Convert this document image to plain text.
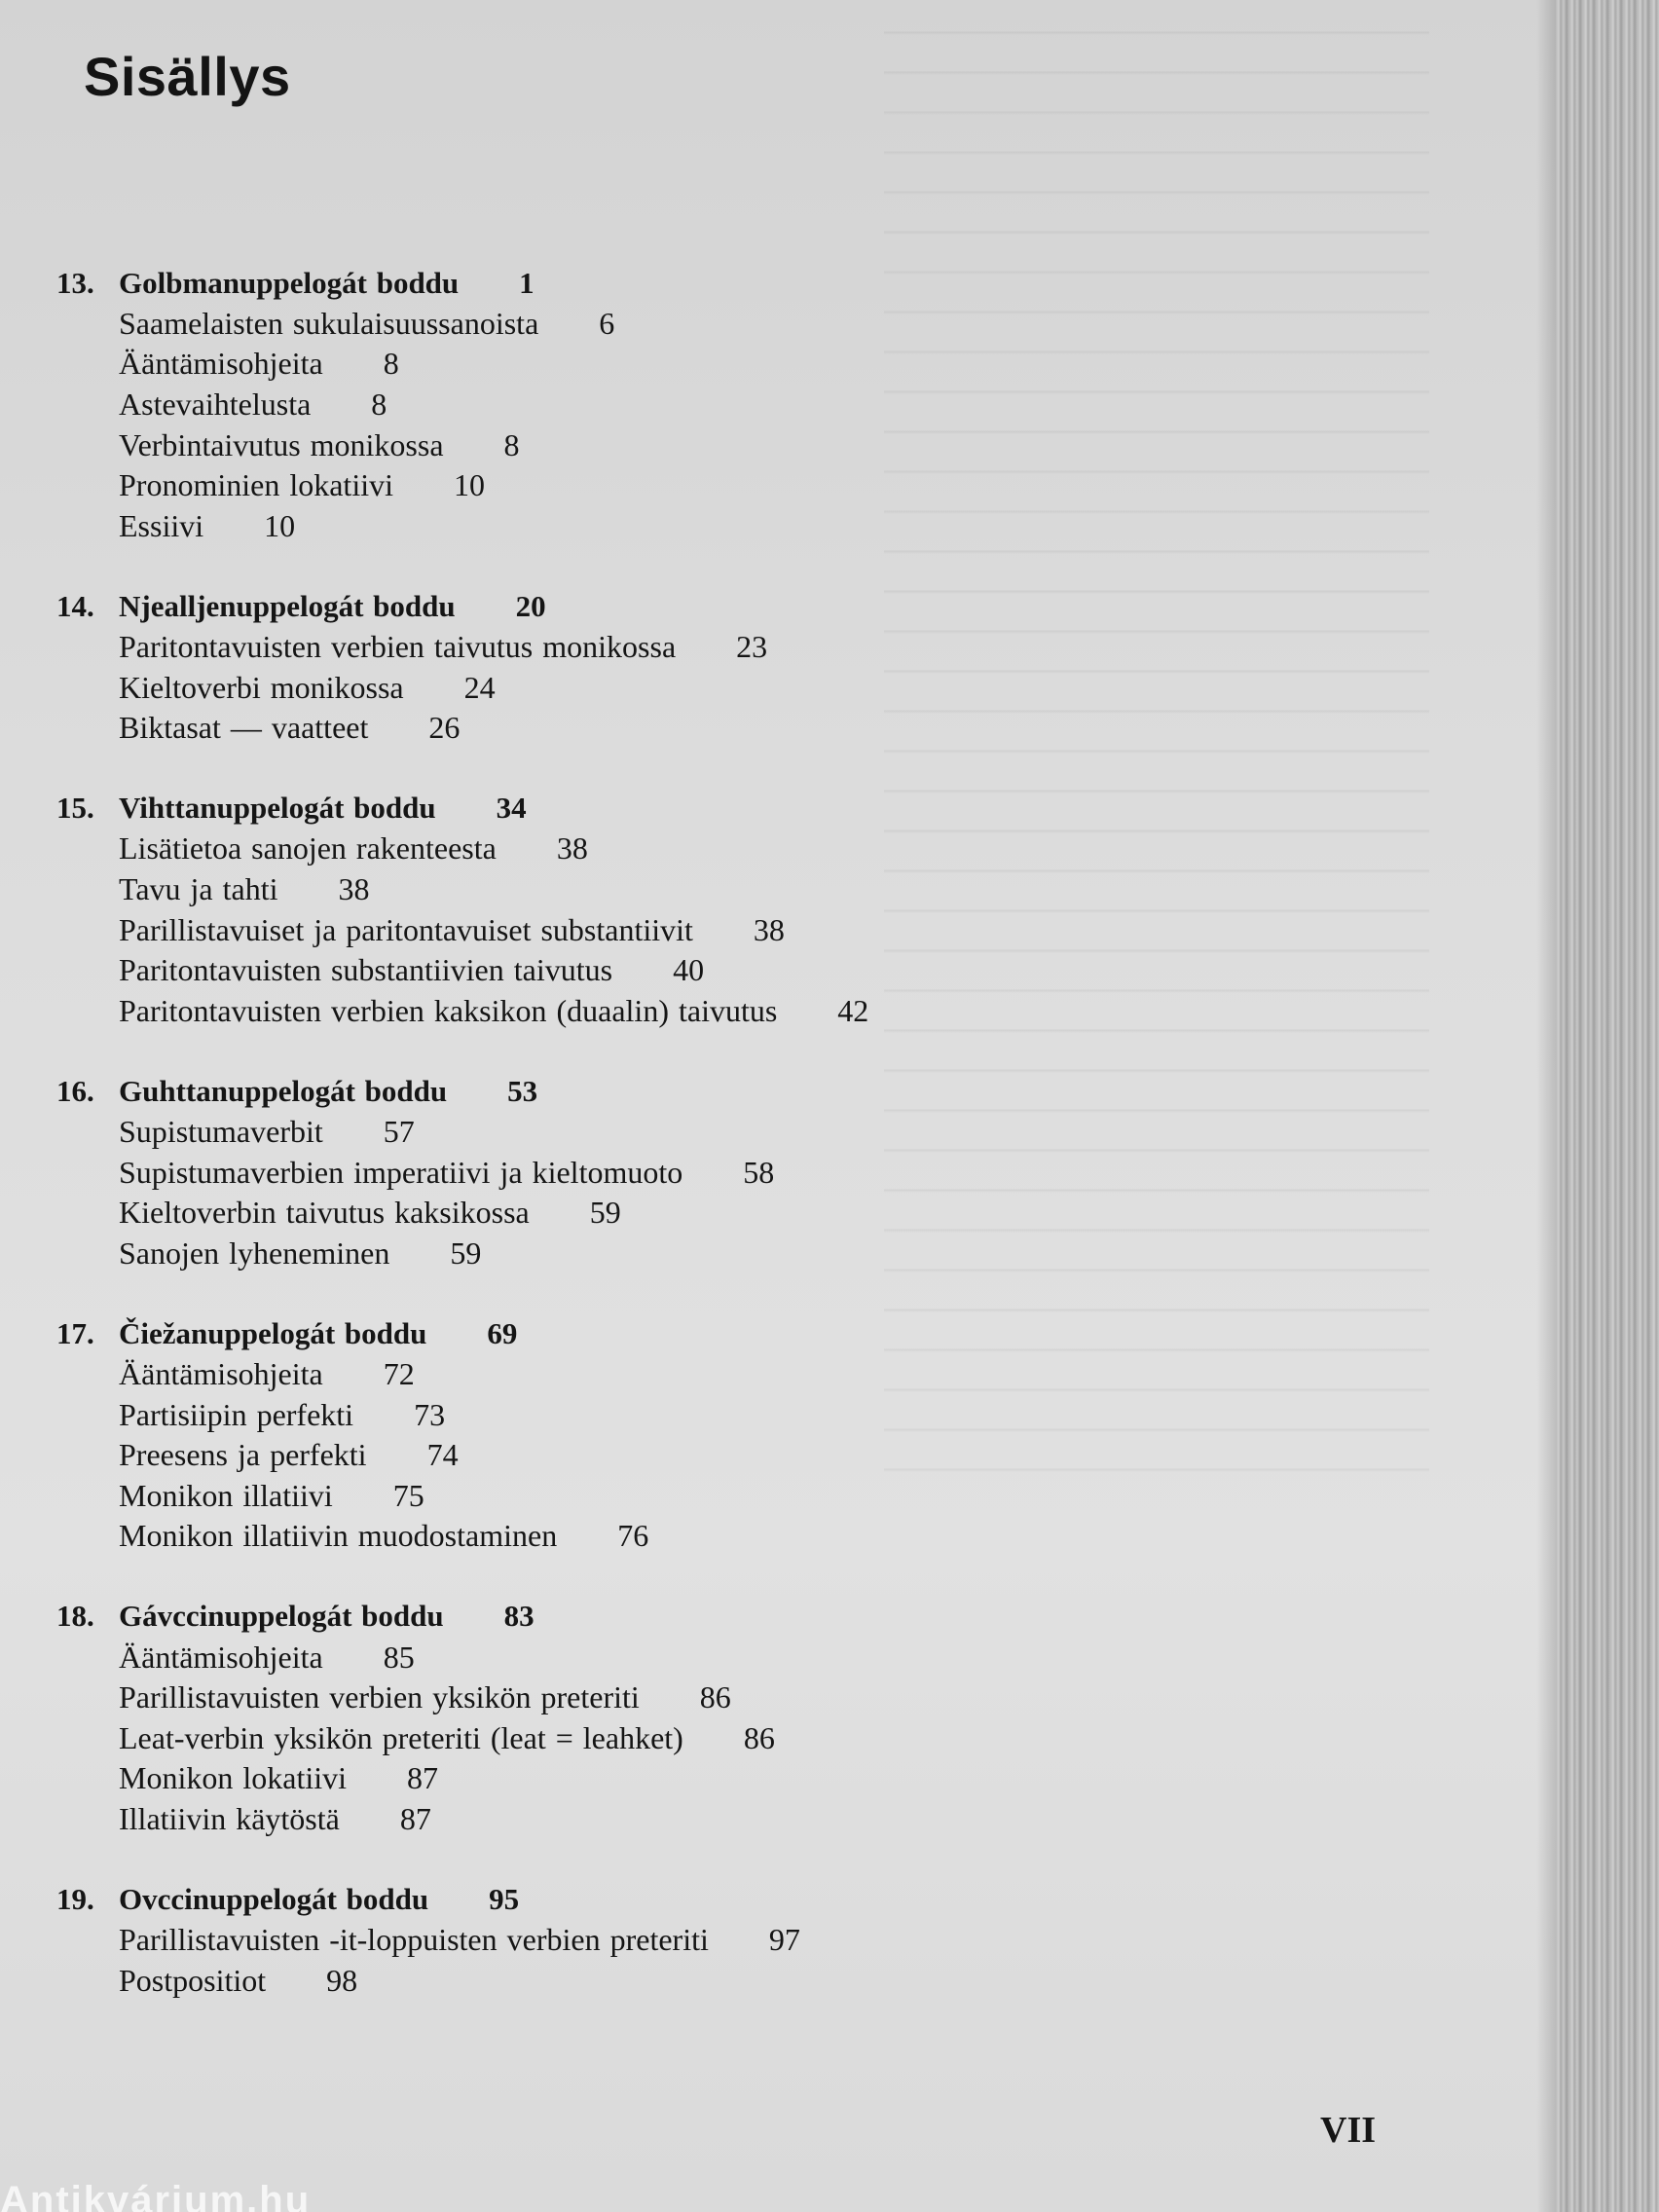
Sisällys
13. Golbmanuppelogát boddu 1
Saamelaisten sukulaisuussanoista 6
Ääntämisohjeita 8
Astevaihtelusta 8
Verbintaivutus monikossa 8
Pronominien lokatiivi 10
Essiivi 10
14. Njealljenuppelogát boddu 20
Paritontavuisten verbien taivutus monikossa 23
Kieltoverbi monikossa 24
Biktasat — vaatteet 26
15. Vihttanuppelogát boddu 34
Lisätietoa sanojen rakenteesta 38
Tavu ja tahti 38
Parillistavuiset ja paritontavuiset substantiivit 38
Paritontavuisten substantiivien taivutus 40
Paritontavuisten verbien kaksikon (duaalin) taivutus 42
16. Guhttanuppelogát boddu 53
Supistumaverbit 57
Supistumaverbien imperatiivi ja kieltomuoto 58
Kieltoverbin taivutus kaksikossa 59
Sanojen lyheneminen 59
17. Čiežanuppelogát boddu 69
Ääntämisohjeita 72
Partisiipin perfekti 73
Preesens ja perfekti 74
Monikon illatiivi 75
Monikon illatiivin muodostaminen 76
18. Gávccinuppelogát boddu 83
Ääntämisohjeita 85
Parillistavuisten verbien yksikön preteriti 86
Leat-verbin yksikön preteriti (leat = leahket) 86
Monikon lokatiivi 87
Illatiivin käytöstä 87
19. Ovccinuppelogát boddu 95
Parillistavuisten -it-loppuisten verbien preteriti 97
Postpositiot 98
VII
Antikvárium.hu
